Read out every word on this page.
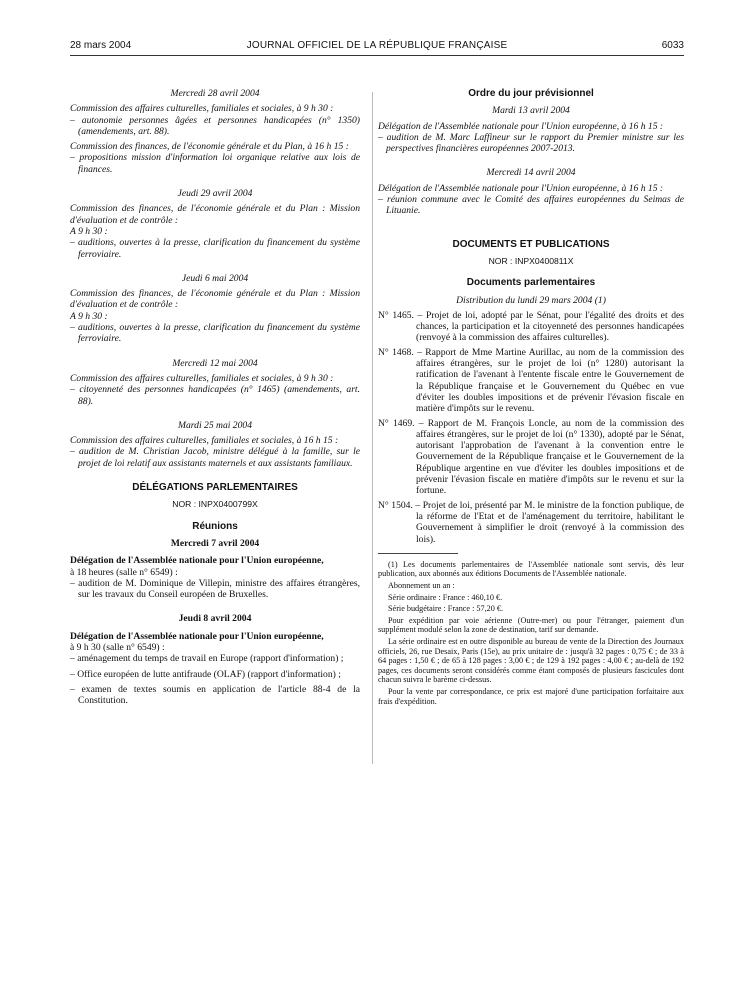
28 mars 2004	JOURNAL OFFICIEL DE LA RÉPUBLIQUE FRANÇAISE	6033

Mercredi 28 avril 2004

Commission des affaires culturelles, familiales et sociales, à 9 h 30 :

– autonomie personnes âgées et personnes handicapées (n° 1350) (amendements, art. 88).

Commission des finances, de l'économie générale et du Plan, à 16 h 15 :

– propositions mission d'information loi organique relative aux lois de finances.

Jeudi 29 avril 2004

Commission des finances, de l'économie générale et du Plan : Mission d'évaluation et de contrôle :

A 9 h 30 :

– auditions, ouvertes à la presse, clarification du financement du système ferroviaire.

Jeudi 6 mai 2004

Commission des finances, de l'économie générale et du Plan : Mission d'évaluation et de contrôle :

A 9 h 30 :

– auditions, ouvertes à la presse, clarification du financement du système ferroviaire.

Mercredi 12 mai 2004

Commission des affaires culturelles, familiales et sociales, à 9 h 30 :

– citoyenneté des personnes handicapées (n° 1465) (amendements, art. 88).

Mardi 25 mai 2004

Commission des affaires culturelles, familiales et sociales, à 16 h 15 :

– audition de M. Christian Jacob, ministre délégué à la famille, sur le projet de loi relatif aux assistants maternels et aux assistants familiaux.

DÉLÉGATIONS PARLEMENTAIRES

NOR : INPX0400799X

Réunions

Mercredi 7 avril 2004

Délégation de l'Assemblée nationale pour l'Union européenne,

à 18 heures (salle n° 6549) :

– audition de M. Dominique de Villepin, ministre des affaires étrangères, sur les travaux du Conseil européen de Bruxelles.

Jeudi 8 avril 2004

Délégation de l'Assemblée nationale pour l'Union européenne,

à 9 h 30 (salle n° 6549) :

– aménagement du temps de travail en Europe (rapport d'information) ;

– Office européen de lutte antifraude (OLAF) (rapport d'information) ;

– examen de textes soumis en application de l'article 88-4 de la Constitution.

Ordre du jour prévisionnel

Mardi 13 avril 2004

Délégation de l'Assemblée nationale pour l'Union européenne, à 16 h 15 :

– audition de M. Marc Laffineur sur le rapport du Premier ministre sur les perspectives financières européennes 2007-2013.

Mercredi 14 avril 2004

Délégation de l'Assemblée nationale pour l'Union européenne, à 16 h 15 :

– réunion commune avec le Comité des affaires européennes du Seimas de Lituanie.

DOCUMENTS ET PUBLICATIONS

NOR : INPX0400811X

Documents parlementaires

Distribution du lundi 29 mars 2004 (1)

N° 1465. – Projet de loi, adopté par le Sénat, pour l'égalité des droits et des chances, la participation et la citoyenneté des personnes handicapées (renvoyé à la commission des affaires culturelles).

N° 1468. – Rapport de Mme Martine Aurillac, au nom de la commission des affaires étrangères, sur le projet de loi (n° 1280) autorisant la ratification de l'avenant à l'entente fiscale entre le Gouvernement de la République française et le Gouvernement du Québec en vue d'éviter les doubles impositions et de prévenir l'évasion fiscale en matière d'impôts sur le revenu.

N° 1469. – Rapport de M. François Loncle, au nom de la commission des affaires étrangères, sur le projet de loi (n° 1330), adopté par le Sénat, autorisant l'approbation de l'avenant à la convention entre le Gouvernement de la République française et le Gouvernement de la République argentine en vue d'éviter les doubles impositions et de prévenir l'évasion fiscale en matière d'impôts sur le revenu et sur la fortune.

N° 1504. – Projet de loi, présenté par M. le ministre de la fonction publique, de la réforme de l'Etat et de l'aménagement du territoire, habilitant le Gouvernement à simplifier le droit (renvoyé à la commission des lois).

(1) Les documents parlementaires de l'Assemblée nationale sont servis, dès leur publication, aux abonnés aux éditions Documents de l'Assemblée nationale.

Abonnement un an :

Série ordinaire : France : 460,10 €.

Série budgétaire : France : 57,20 €.

Pour expédition par voie aérienne (Outre-mer) ou pour l'étranger, paiement d'un supplément modulé selon la zone de destination, tarif sur demande.

La série ordinaire est en outre disponible au bureau de vente de la Direction des Journaux officiels, 26, rue Desaix, Paris (15e), au prix unitaire de : jusqu'à 32 pages : 0,75 € ; de 33 à 64 pages : 1,50 € ; de 65 à 128 pages : 3,00 € ; de 129 à 192 pages : 4,00 € ; au-delà de 192 pages, ces documents seront considérés comme étant composés de plusieurs fascicules dont chacun suivra le barème ci-dessus.

Pour la vente par correspondance, ce prix est majoré d'une participation forfaitaire aux frais d'expédition.
